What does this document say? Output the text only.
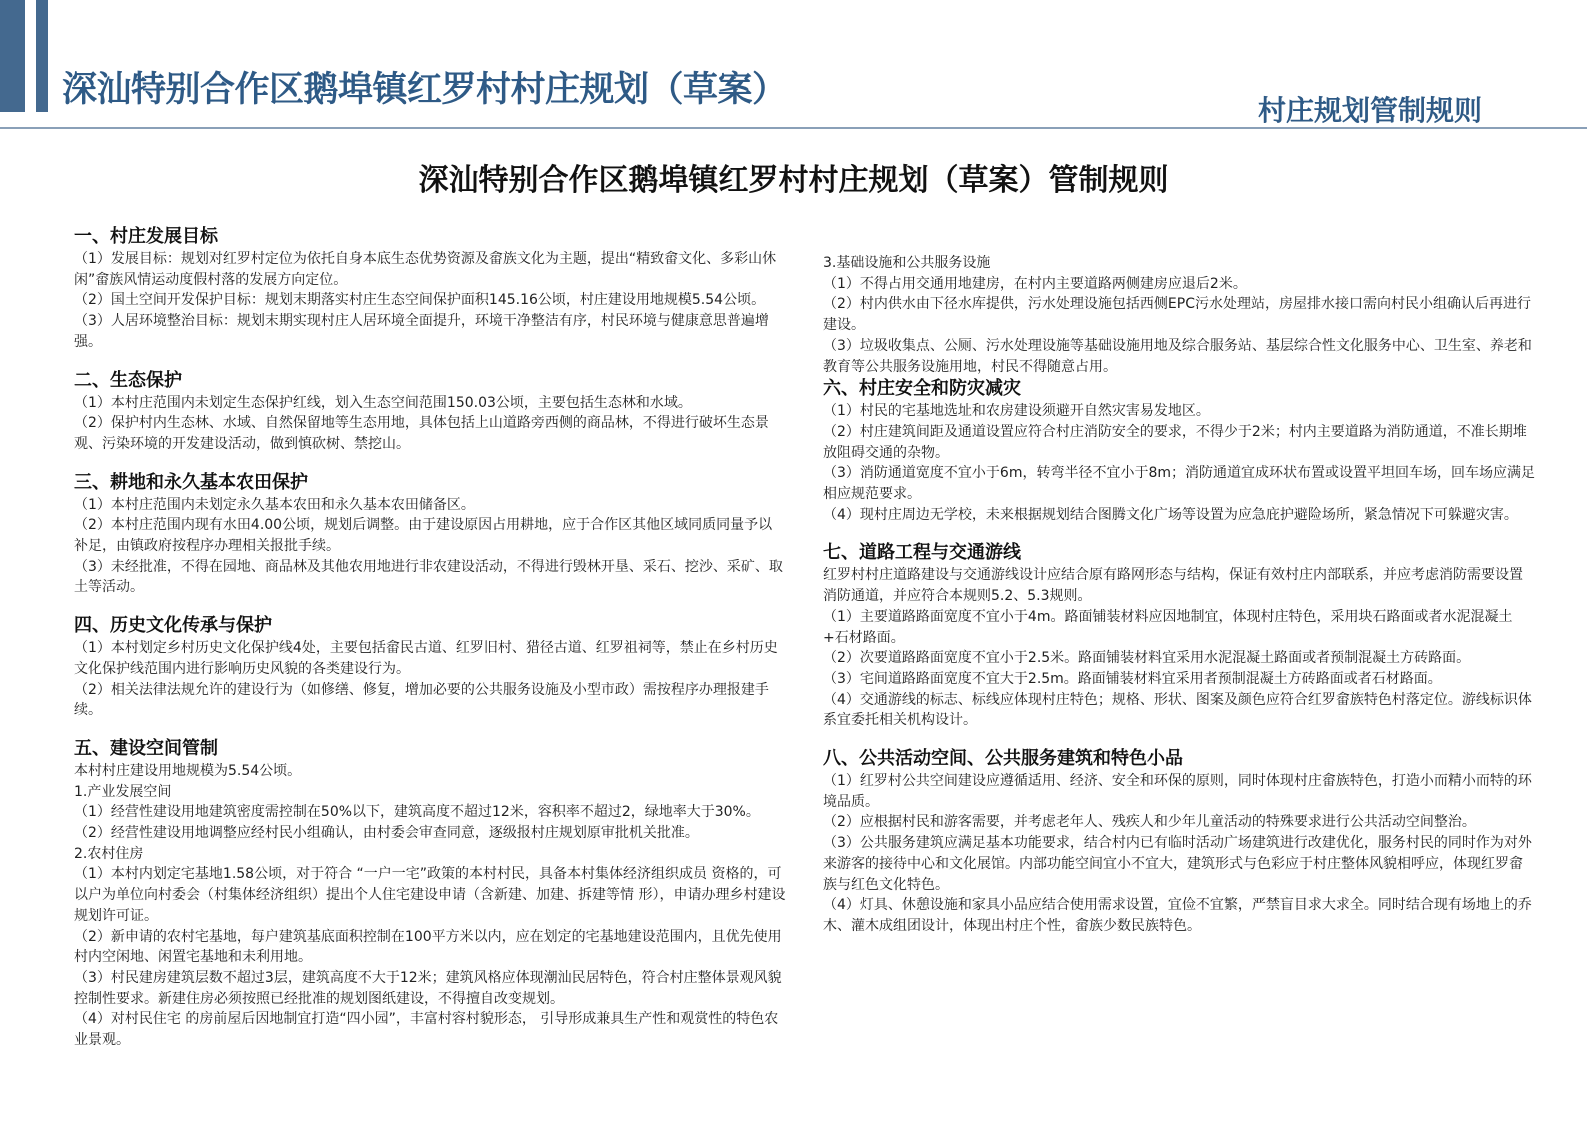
深汕特别合作区鹅埠镇红罗村村庄规划（草案）
村庄规划管制规则
深汕特别合作区鹅埠镇红罗村村庄规划（草案）管制规则
一、村庄发展目标
（1）发展目标：规划对红罗村定位为依托自身本底生态优势资源及畲族文化为主题，提出“精致畲文化、多彩山休闲”畲族风情运动度假村落的发展方向定位。
（2）国土空间开发保护目标：规划末期落实村庄生态空间保护面积145.16公顷，村庄建设用地规模5.54公顷。
（3）人居环境整治目标：规划末期实现村庄人居环境全面提升，环境干净整洁有序，村民环境与健康意思普遍增强。
二、生态保护
（1）本村庄范围内未划定生态保护红线，划入生态空间范围150.03公顷，主要包括生态林和水域。
（2）保护村内生态林、水域、自然保留地等生态用地，具体包括上山道路旁西侧的商品林，不得进行破坏生态景观、污染环境的开发建设活动，做到慎砍树、禁挖山。
三、耕地和永久基本农田保护
（1）本村庄范围内未划定永久基本农田和永久基本农田储备区。
（2）本村庄范围内现有水田4.00公顷，规划后调整。由于建设原因占用耕地，应于合作区其他区域同质同量予以补足，由镇政府按程序办理相关报批手续。
（3）未经批准，不得在园地、商品林及其他农用地进行非农建设活动，不得进行毁林开垦、采石、挖沙、采矿、取土等活动。
四、历史文化传承与保护
（1）本村划定乡村历史文化保护线4处，主要包括畲民古道、红罗旧村、猎径古道、红罗祖祠等，禁止在乡村历史文化保护线范围内进行影响历史风貌的各类建设行为。
（2）相关法律法规允许的建设行为（如修缮、修复，增加必要的公共服务设施及小型市政）需按程序办理报建手续。
五、建设空间管制
本村村庄建设用地规模为5.54公顷。
1.产业发展空间
（1）经营性建设用地建筑密度需控制在50%以下，建筑高度不超过12米，容积率不超过2，绿地率大于30%。
（2）经营性建设用地调整应经村民小组确认，由村委会审查同意，逐级报村庄规划原审批机关批准。
2.农村住房
（1）本村内划定宅基地1.58公顷，对于符合 “一户一宅”政策的本村村民，具备本村集体经济组织成员 资格的，可以户为单位向村委会（村集体经济组织）提出个人住宅建设申请（含新建、加建、拆建等情 形），申请办理乡村建设规划许可证。
（2）新申请的农村宅基地，每户建筑基底面积控制在100平方米以内，应在划定的宅基地建设范围内，且优先使用村内空闲地、闲置宅基地和未利用地。
（3）村民建房建筑层数不超过3层，建筑高度不大于12米；建筑风格应体现潮汕民居特色，符合村庄整体景观风貌控制性要求。新建住房必须按照已经批准的规划图纸建设，不得擅自改变规划。
（4）对村民住宅 的房前屋后因地制宜打造“四小园”，丰富村容村貌形态， 引导形成兼具生产性和观赏性的特色农业景观。
3.基础设施和公共服务设施
（1）不得占用交通用地建房，在村内主要道路两侧建房应退后2米。
（2）村内供水由下径水库提供，污水处理设施包括西侧EPC污水处理站，房屋排水接口需向村民小组确认后再进行建设。
（3）垃圾收集点、公厕、污水处理设施等基础设施用地及综合服务站、基层综合性文化服务中心、卫生室、养老和教育等公共服务设施用地，村民不得随意占用。
六、村庄安全和防灾减灾
（1）村民的宅基地选址和农房建设须避开自然灾害易发地区。
（2）村庄建筑间距及通道设置应符合村庄消防安全的要求，不得少于2米；村内主要道路为消防通道，不准长期堆放阻碍交通的杂物。
（3）消防通道宽度不宜小于6m，转弯半径不宜小于8m；消防通道宜成环状布置或设置平坦回车场，回车场应满足相应规范要求。
（4）现村庄周边无学校，未来根据规划结合图腾文化广场等设置为应急庇护避险场所，紧急情况下可躲避灾害。
七、道路工程与交通游线
红罗村村庄道路建设与交通游线设计应结合原有路网形态与结构，保证有效村庄内部联系，并应考虑消防需要设置消防通道，并应符合本规则5.2、5.3规则。
（1）主要道路路面宽度不宜小于4m。路面铺装材料应因地制宜，体现村庄特色，采用块石路面或者水泥混凝土+石材路面。
（2）次要道路路面宽度不宜小于2.5米。路面铺装材料宜采用水泥混凝土路面或者预制混凝土方砖路面。
（3）宅间道路路面宽度不宜大于2.5m。路面铺装材料宜采用者预制混凝土方砖路面或者石材路面。
（4）交通游线的标志、标线应体现村庄特色；规格、形状、图案及颜色应符合红罗畲族特色村落定位。游线标识体系宜委托相关机构设计。
八、公共活动空间、公共服务建筑和特色小品
（1）红罗村公共空间建设应遵循适用、经济、安全和环保的原则，同时体现村庄畲族特色，打造小而精小而特的环境品质。
（2）应根据村民和游客需要，并考虑老年人、残疾人和少年儿童活动的特殊要求进行公共活动空间整治。
（3）公共服务建筑应满足基本功能要求，结合村内已有临时活动广场建筑进行改建优化，服务村民的同时作为对外来游客的接待中心和文化展馆。内部功能空间宜小不宜大，建筑形式与色彩应于村庄整体风貌相呼应，体现红罗畲族与红色文化特色。
（4）灯具、休憩设施和家具小品应结合使用需求设置，宜俭不宜繁，严禁盲目求大求全。同时结合现有场地上的乔木、灌木成组团设计，体现出村庄个性，畲族少数民族特色。
